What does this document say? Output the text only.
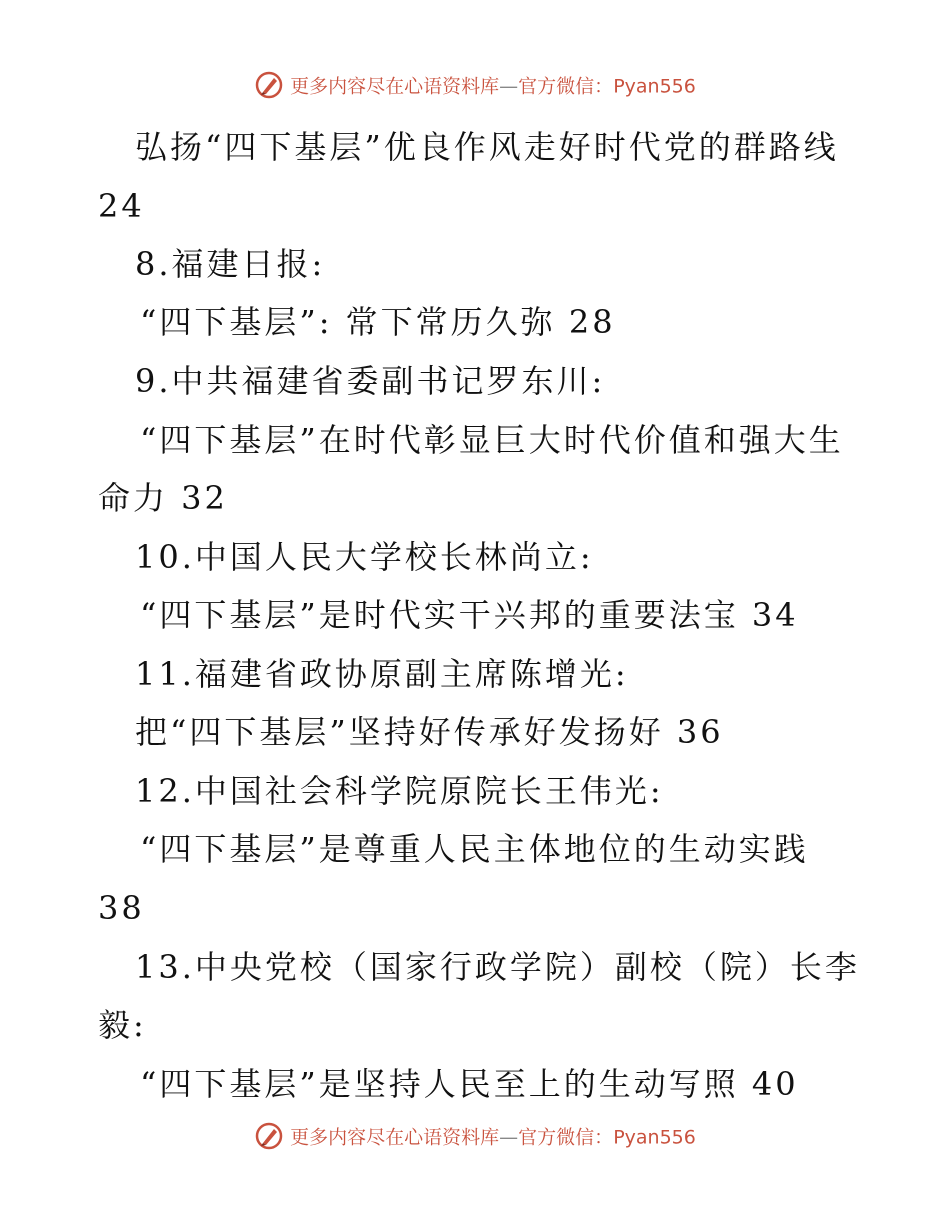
更多内容尽在心语资料库—官方微信：Pyan556
弘扬“四下基层”优良作风走好时代党的群路线
24
8.福建日报:
“四下基层”: 常下常历久弥 28
9.中共福建省委副书记罗东川:
“四下基层”在时代彰显巨大时代价值和强大生
命力 32
10.中国人民大学校长林尚立:
“四下基层”是时代实干兴邦的重要法宝 34
11.福建省政协原副主席陈增光:
把“四下基层”坚持好传承好发扬好 36
12.中国社会科学院原院长王伟光:
“四下基层”是尊重人民主体地位的生动实践
38
13.中央党校（国家行政学院）副校（院）长李
毅:
“四下基层”是坚持人民至上的生动写照 40
更多内容尽在心语资料库—官方微信：Pyan556
